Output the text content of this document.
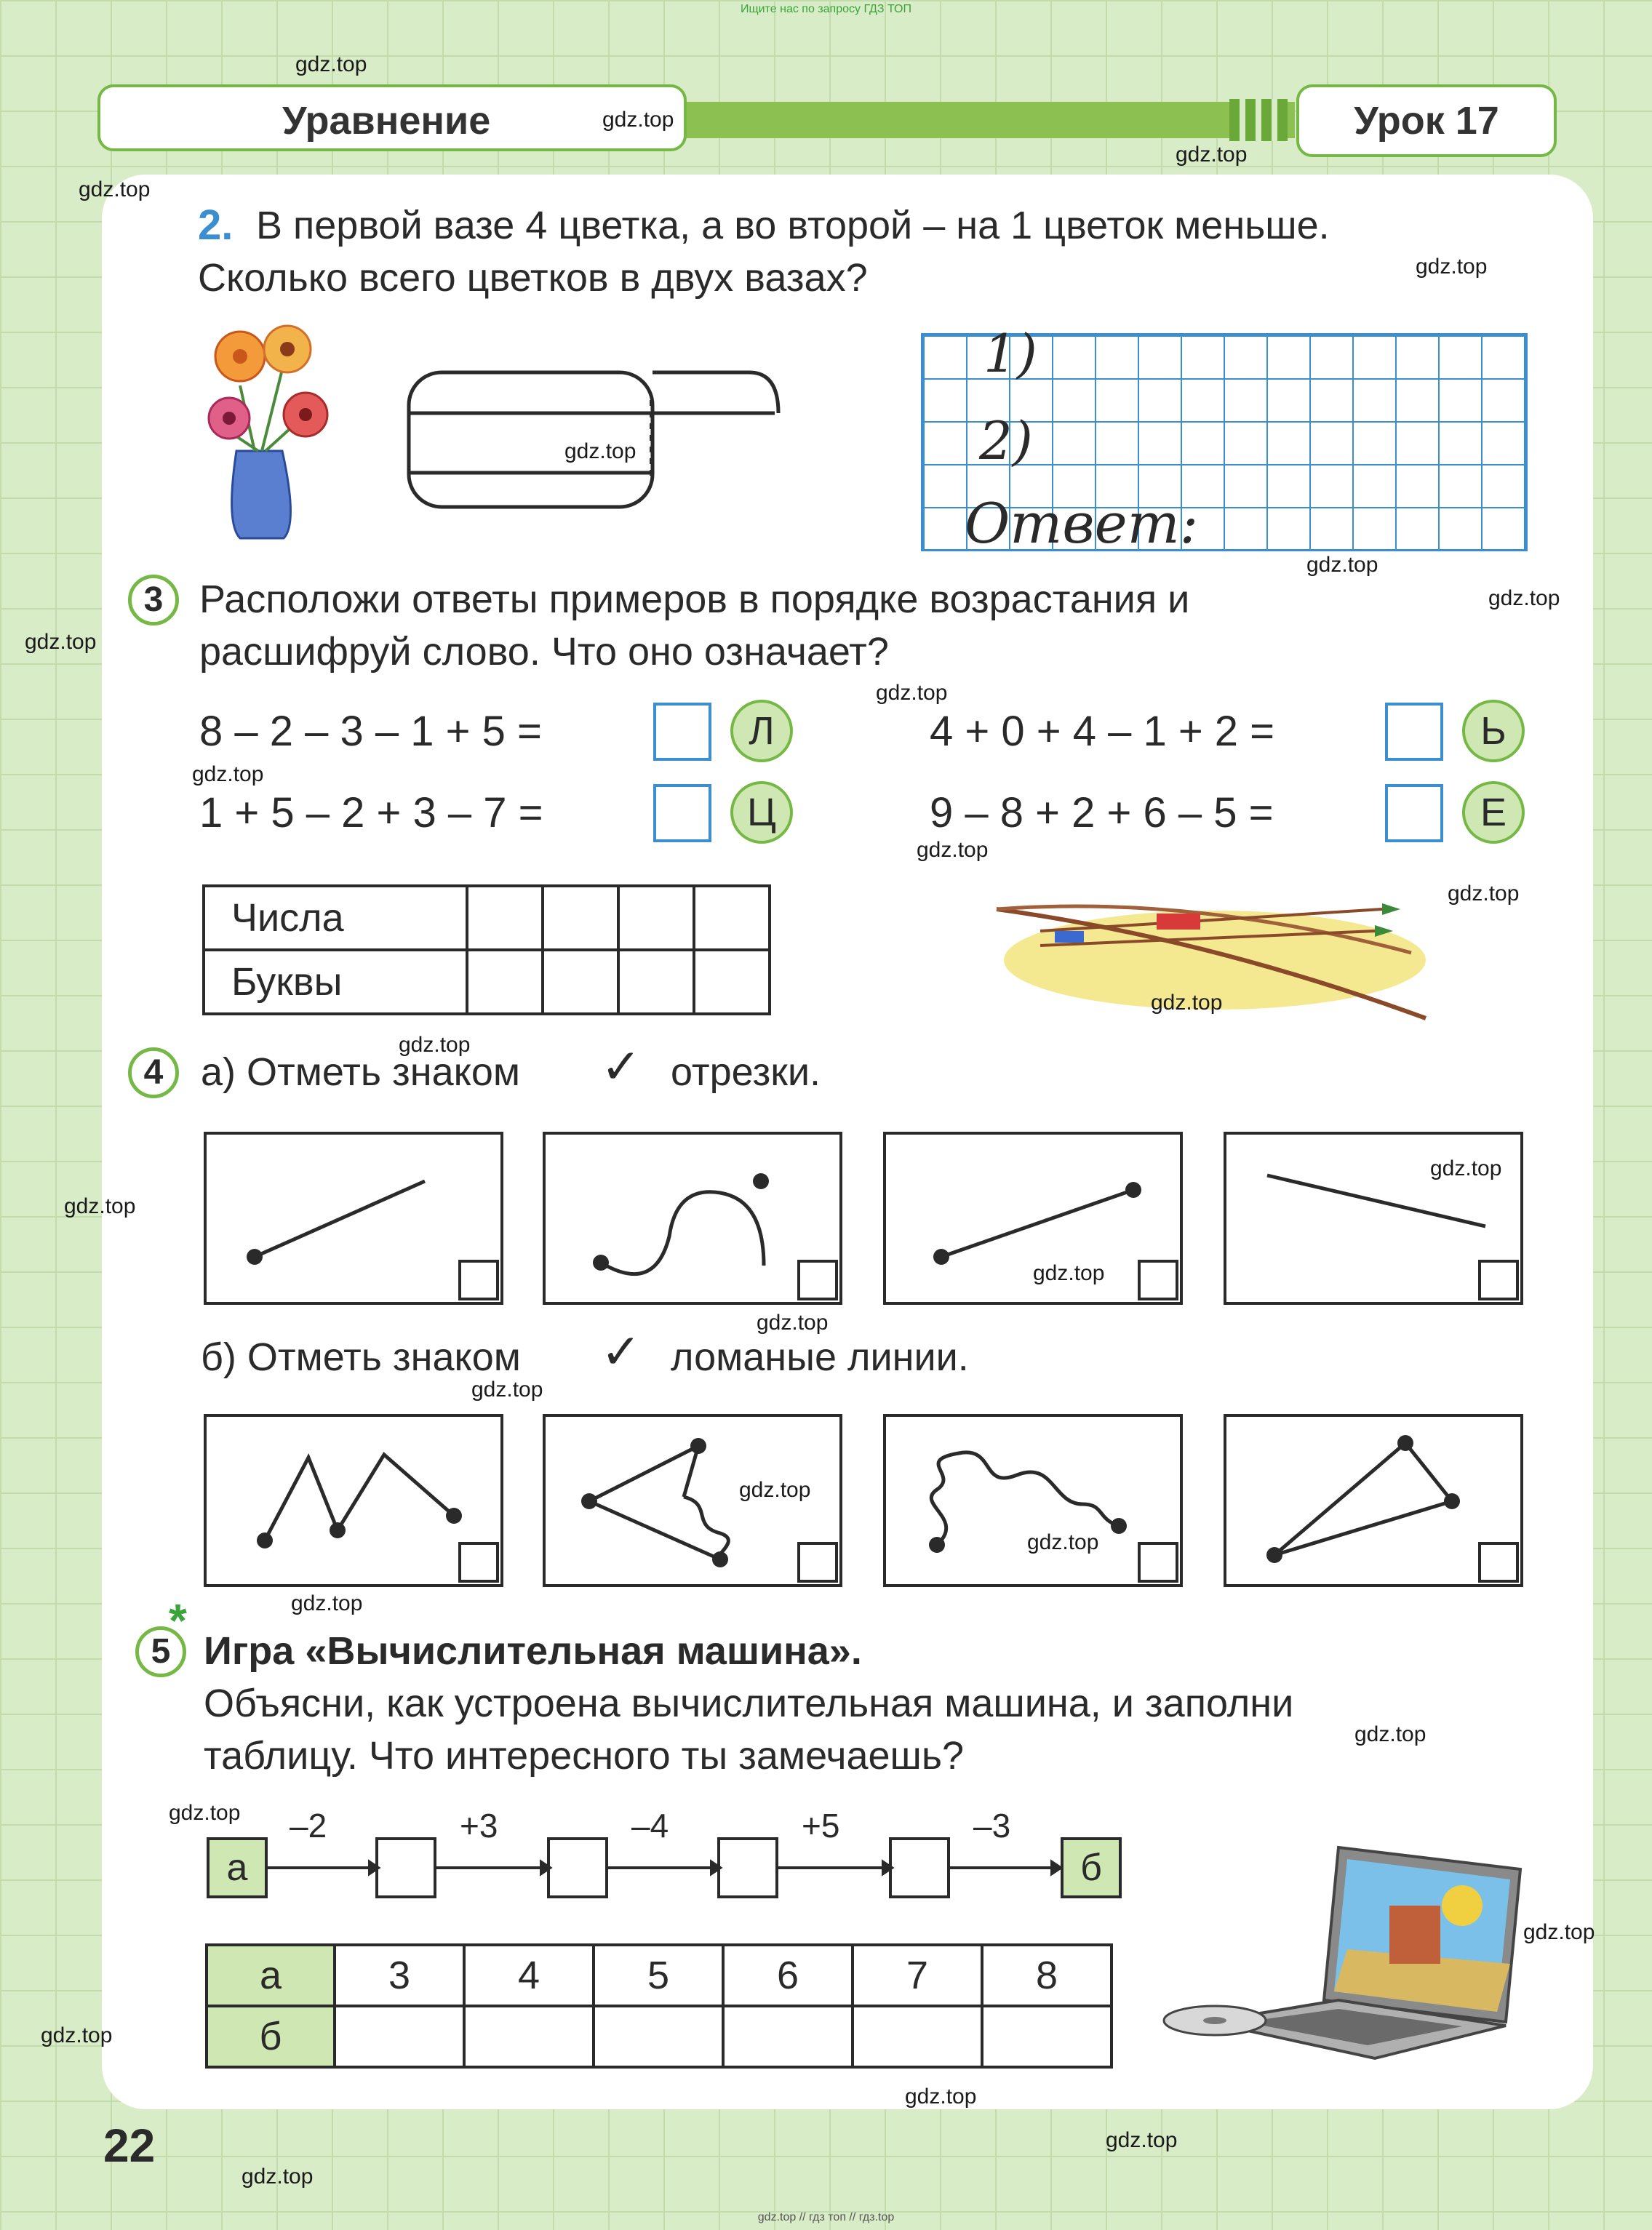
Ищите нас по запросу ГДЗ ТОП
Уравнение	Урок 17
2. В первой вазе 4 цветка, а во второй – на 1 цветок меньше.
Сколько всего цветков в двух вазах?
1)
2)
Ответ:
3 Расположи ответы примеров в порядке возрастания и
расшифруй слово. Что оно означает?
8 – 2 – 3 – 1 + 5 =	Л	4 + 0 + 4 – 1 + 2 =	Ь
1 + 5 – 2 + 3 – 7 =	Ц	9 – 8 + 2 + 6 – 5 =	Е
Числа				
Буквы				
4 а) Отметь знаком ✓ отрезки.
б) Отметь знаком ✓ ломаные линии.
5
*
Игра «Вычислительная машина».
Объясни, как устроена вычислительная машина, и заполни
таблицу. Что интересного ты замечаешь?
а	б
–2	+3	–4	+5	–3
а	3	4	5	6	7	8
б						
22
gdz.top
gdz.top
gdz.top
gdz.top
gdz.top
gdz.top
gdz.top
gdz.top
gdz.top
gdz.top
gdz.top
gdz.top
gdz.top
gdz.top
gdz.top
gdz.top
gdz.top
gdz.top
gdz.top
gdz.top
gdz.top
gdz.top
gdz.top
gdz.top
gdz.top
gdz.top
gdz.top
gdz.top
gdz.top
gdz.top
gdz.top // гдз топ // гдз.top
